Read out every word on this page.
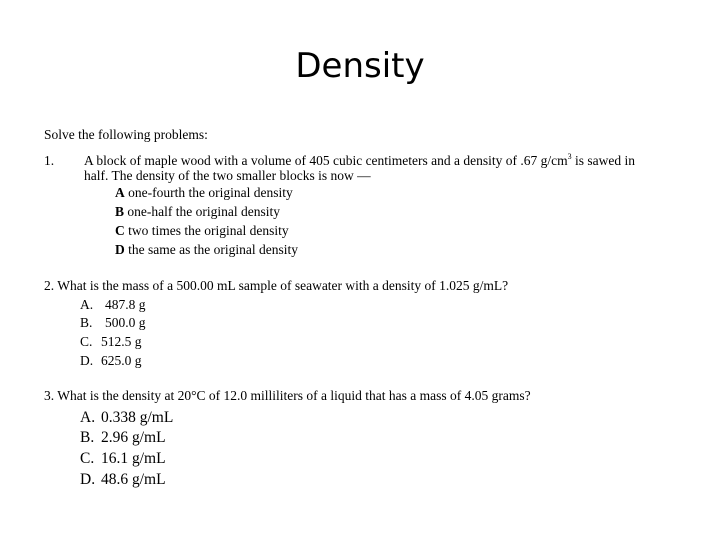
Density
Solve the following problems:
1. A block of maple wood with a volume of 405 cubic centimeters and a density of .67 $g/cm^3$ is sawed in
half. The density of the two smaller blocks is now —
A one-fourth the original density
B one-half the original density
C two times the original density
D the same as the original density
2. What is the mass of a 500.00 mL sample of seawater with a density of 1.025 g/mL?
A. 487.8 g
B. 500.0 g
C. 512.5 g
D. 625.0 g
3. What is the density at 20°C of 12.0 milliliters of a liquid that has a mass of 4.05 grams?
A. 0.338 g/mL
B. 2.96 g/mL
C. 16.1 g/mL
D. 48.6 g/mL
